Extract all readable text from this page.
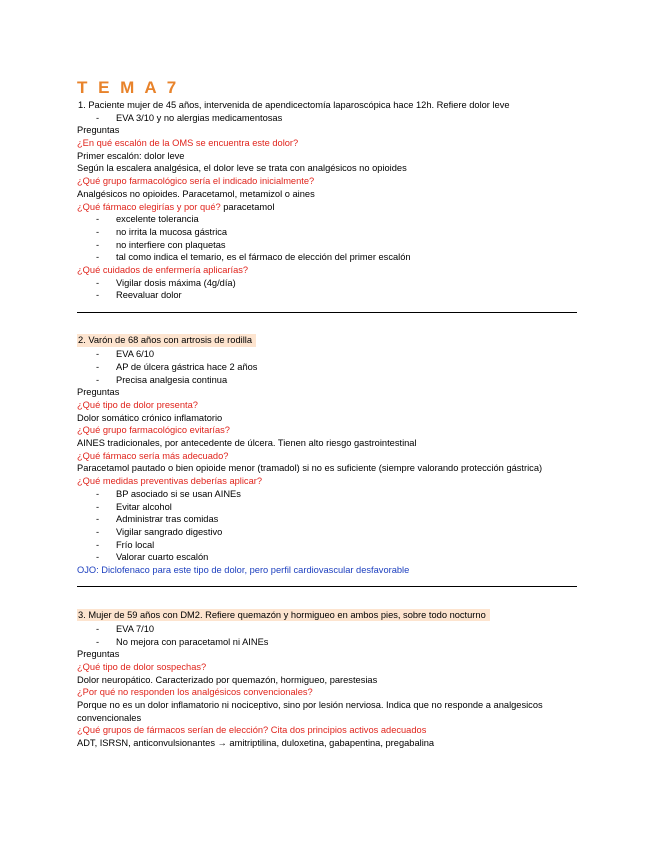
T E M A 7
1. Paciente mujer de 45 años, intervenida de apendicectomía laparoscópica hace 12h. Refiere dolor leve
- EVA 3/10 y no alergias medicamentosas
Preguntas
¿En qué escalón de la OMS se encuentra este dolor?
Primer escalón: dolor leve
Según la escalera analgésica, el dolor leve se trata con analgésicos no opioides
¿Qué grupo farmacológico sería el indicado inicialmente?
Analgésicos no opioides. Paracetamol, metamizol o aines
¿Qué fármaco elegirías y por qué? paracetamol
- excelente tolerancia
- no irrita la mucosa gástrica
- no interfiere con plaquetas
- tal como indica el temario, es el fármaco de elección del primer escalón
¿Qué cuidados de enfermería aplicarías?
- Vigilar dosis máxima (4g/día)
- Reevaluar dolor
2. Varón de 68 años con artrosis de rodilla
- EVA 6/10
- AP de úlcera gástrica hace 2 años
- Precisa analgesia continua
Preguntas
¿Qué tipo de dolor presenta?
Dolor somático crónico inflamatorio
¿Qué grupo farmacológico evitarías?
AINES tradicionales, por antecedente de úlcera. Tienen alto riesgo gastrointestinal
¿Qué fármaco sería más adecuado?
Paracetamol pautado o bien opioide menor (tramadol) si no es suficiente (siempre valorando protección gástrica)
¿Qué medidas preventivas deberías aplicar?
- BP asociado si se usan AINEs
- Evitar alcohol
- Administrar tras comidas
- Vigilar sangrado digestivo
- Frío local
- Valorar cuarto escalón
OJO: Diclofenaco para este tipo de dolor, pero perfil cardiovascular desfavorable
3. Mujer de 59 años con DM2. Refiere quemazón y hormigueo en ambos pies, sobre todo nocturno
- EVA 7/10
- No mejora con paracetamol ni AINEs
Preguntas
¿Qué tipo de dolor sospechas?
Dolor neuropático. Caracterizado por quemazón, hormigueo, parestesias
¿Por qué no responden los analgésicos convencionales?
Porque no es un dolor inflamatorio ni nociceptivo, sino por lesión nerviosa. Indica que no responde a analgesicos convencionales
¿Qué grupos de fármacos serían de elección? Cita dos principios activos adecuados
ADT, ISRSN, anticonvulsionantes → amitriptilina, duloxetina, gabapentina, pregabalina
